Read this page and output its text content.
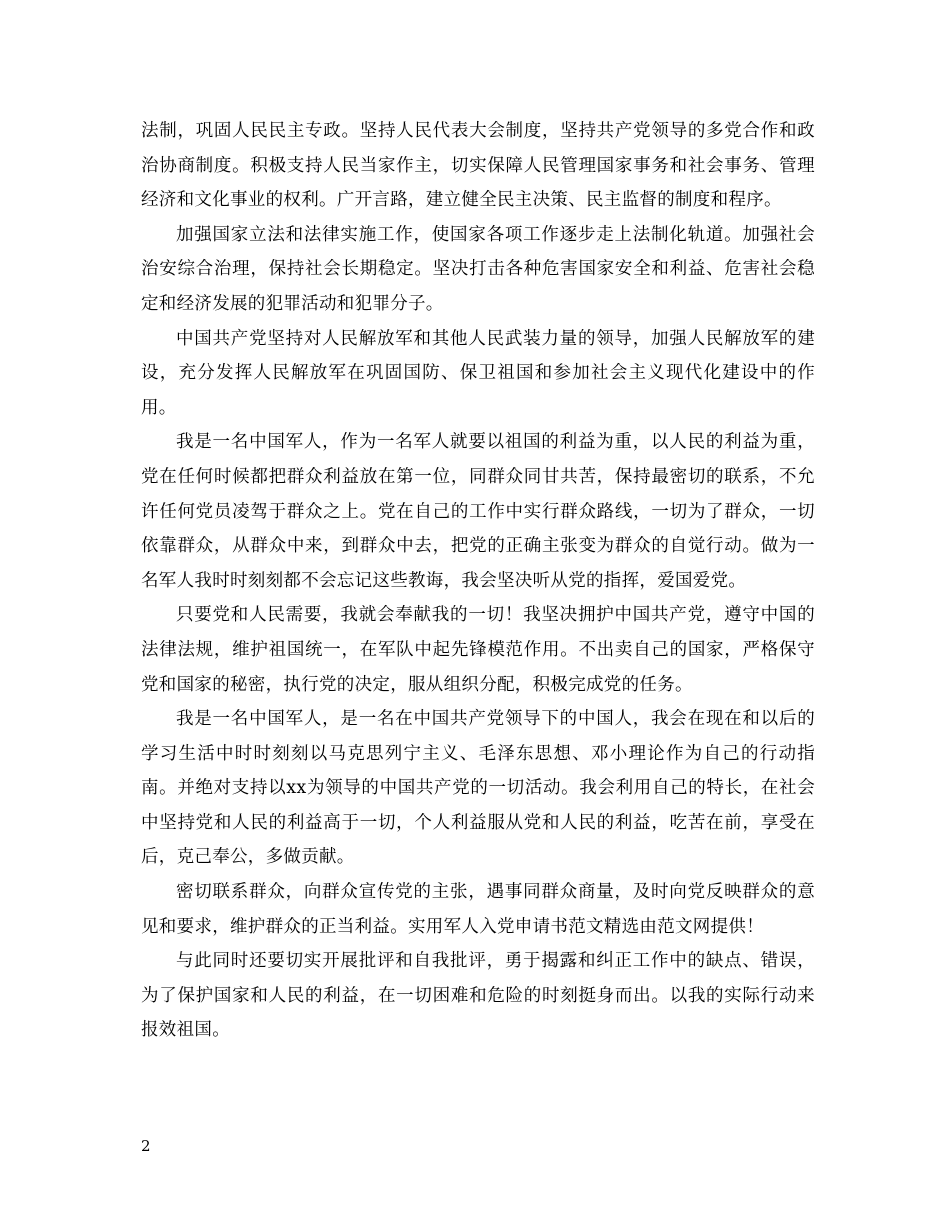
法制，巩固人民民主专政。坚持人民代表大会制度，坚持共产党领导的多党合作和政治协商制度。积极支持人民当家作主，切实保障人民管理国家事务和社会事务、管理经济和文化事业的权利。广开言路，建立健全民主决策、民主监督的制度和程序。

加强国家立法和法律实施工作，使国家各项工作逐步走上法制化轨道。加强社会治安综合治理，保持社会长期稳定。坚决打击各种危害国家安全和利益、危害社会稳定和经济发展的犯罪活动和犯罪分子。

中国共产党坚持对人民解放军和其他人民武装力量的领导，加强人民解放军的建设，充分发挥人民解放军在巩固国防、保卫祖国和参加社会主义现代化建设中的作用。

我是一名中国军人，作为一名军人就要以祖国的利益为重，以人民的利益为重，党在任何时候都把群众利益放在第一位，同群众同甘共苦，保持最密切的联系，不允许任何党员凌驾于群众之上。党在自己的工作中实行群众路线，一切为了群众，一切依靠群众，从群众中来，到群众中去，把党的正确主张变为群众的自觉行动。做为一名军人我时时刻刻都不会忘记这些教诲，我会坚决听从党的指挥，爱国爱党。

只要党和人民需要，我就会奉献我的一切！我坚决拥护中国共产党，遵守中国的法律法规，维护祖国统一，在军队中起先锋模范作用。不出卖自己的国家，严格保守党和国家的秘密，执行党的决定，服从组织分配，积极完成党的任务。

我是一名中国军人，是一名在中国共产党领导下的中国人，我会在现在和以后的学习生活中时时刻刻以马克思列宁主义、毛泽东思想、邓小理论作为自己的行动指南。并绝对支持以xx为领导的中国共产党的一切活动。我会利用自己的特长，在社会中坚持党和人民的利益高于一切，个人利益服从党和人民的利益，吃苦在前，享受在后，克己奉公，多做贡献。

密切联系群众，向群众宣传党的主张，遇事同群众商量，及时向党反映群众的意见和要求，维护群众的正当利益。实用军人入党申请书范文精选由范文网提供！

与此同时还要切实开展批评和自我批评，勇于揭露和纠正工作中的缺点、错误，为了保护国家和人民的利益，在一切困难和危险的时刻挺身而出。以我的实际行动来报效祖国。

2
